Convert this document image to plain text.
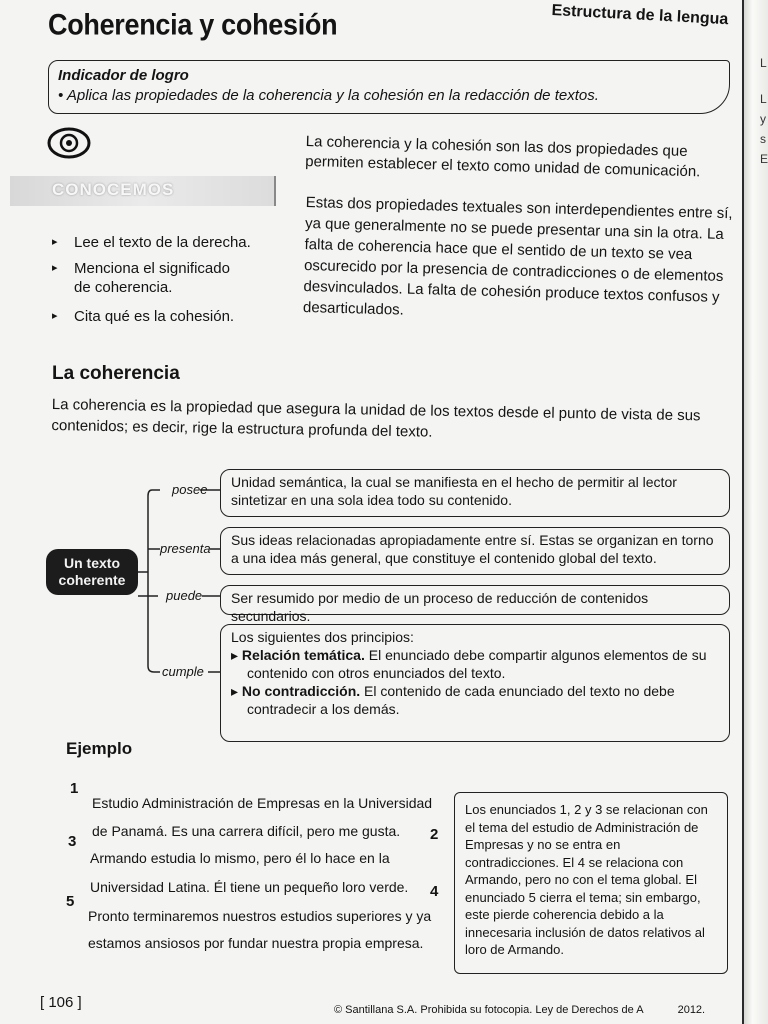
Coherencia y cohesión	Estructura de la lengua
L
L
y
s
E
Indicador de logro
• Aplica las propiedades de la coherencia y la cohesión en la redacción de textos.
CONOCEMOS
▸ Lee el texto de la derecha.
▸ Menciona el significado de coherencia.
▸ Cita qué es la cohesión.
La coherencia y la cohesión son las dos propiedades que permiten establecer el texto como unidad de comunicación.
Estas dos propiedades textuales son interdependientes entre sí, ya que generalmente no se puede presentar una sin la otra. La falta de coherencia hace que el sentido de un texto se vea oscurecido por la presencia de contradicciones o de elementos desvinculados. La falta de cohesión produce textos confusos y desarticulados.
La coherencia
La coherencia es la propiedad que asegura la unidad de los textos desde el punto de vista de sus contenidos; es decir, rige la estructura profunda del texto.
Un texto
coherente
posee
presenta
puede
cumple

Unidad semántica, la cual se manifiesta en el hecho de permitir al lector sintetizar en una sola idea todo su contenido.

Sus ideas relacionadas apropiadamente entre sí. Estas se organizan en torno a una idea más general, que constituye el contenido global del texto.

Ser resumido por medio de un proceso de reducción de contenidos secundarios.

Los siguientes dos principios:

▸ Relación temática. El enunciado debe compartir algunos elementos de su contenido con otros enunciados del texto.

▸ No contradicción. El contenido de cada enunciado del texto no debe contradecir a los demás.

Ejemplo
1
2
3
4
5
Estudio Administración de Empresas en la Universidad
de Panamá. Es una carrera difícil, pero me gusta.
Armando estudia lo mismo, pero él lo hace en la
Universidad Latina. Él tiene un pequeño loro verde.
Pronto terminaremos nuestros estudios superiores y ya
estamos ansiosos por fundar nuestra propia empresa.
Los enunciados 1, 2 y 3 se relacionan con el tema del estudio de Administración de Empresas y no se entra en contradicciones. El 4 se relaciona con Armando, pero no con el tema global. El enunciado 5 cierra el tema; sin embargo, este pierde coherencia debido a la innecesaria inclusión de datos relativos al loro de Armando.
[ 106 ]	© Santillana S.A. Prohibida su fotocopia. Ley de Derechos de A	2012.
